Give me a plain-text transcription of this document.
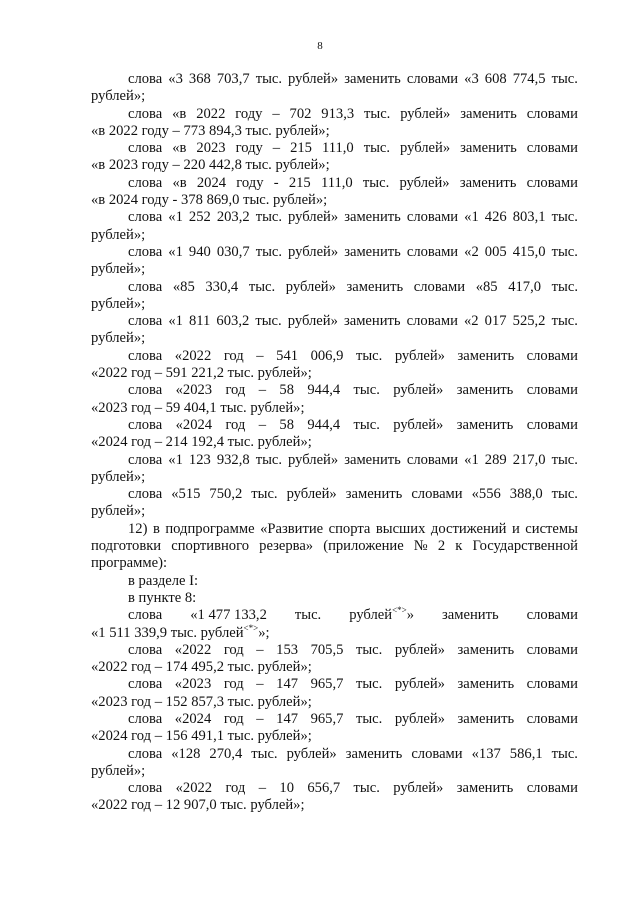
8
слова «3 368 703,7 тыс. рублей» заменить словами «3 608 774,5 тыс.
рублей»;
слова «в 2022 году – 702 913,3 тыс. рублей» заменить словами
«в 2022 году – 773 894,3 тыс. рублей»;
слова «в 2023 году – 215 111,0 тыс. рублей» заменить словами
«в 2023 году – 220 442,8 тыс. рублей»;
слова «в 2024 году - 215 111,0 тыс. рублей» заменить словами
«в 2024 году - 378 869,0 тыс. рублей»;
слова «1 252 203,2 тыс. рублей» заменить словами «1 426 803,1 тыс.
рублей»;
слова «1 940 030,7 тыс. рублей» заменить словами «2 005 415,0 тыс.
рублей»;
слова «85 330,4 тыс. рублей» заменить словами «85 417,0 тыс.
рублей»;
слова «1 811 603,2 тыс. рублей» заменить словами «2 017 525,2 тыс.
рублей»;
слова «2022 год – 541 006,9 тыс. рублей» заменить словами
«2022 год – 591 221,2 тыс. рублей»;
слова «2023 год – 58 944,4 тыс. рублей» заменить словами
«2023 год – 59 404,1 тыс. рублей»;
слова «2024 год – 58 944,4 тыс. рублей» заменить словами
«2024 год – 214 192,4 тыс. рублей»;
слова «1 123 932,8 тыс. рублей» заменить словами «1 289 217,0 тыс.
рублей»;
слова «515 750,2 тыс. рублей» заменить словами «556 388,0 тыс.
рублей»;
12) в подпрограмме «Развитие спорта высших достижений и системы
подготовки спортивного резерва» (приложение № 2 к Государственной
программе):
в разделе I:
в пункте 8:
слова «1 477 133,2 тыс. рублей<*>» заменить словами
«1 511 339,9 тыс. рублей<*>»;
слова «2022 год – 153 705,5 тыс. рублей» заменить словами
«2022 год – 174 495,2 тыс. рублей»;
слова «2023 год – 147 965,7 тыс. рублей» заменить словами
«2023 год – 152 857,3 тыс. рублей»;
слова «2024 год – 147 965,7 тыс. рублей» заменить словами
«2024 год – 156 491,1 тыс. рублей»;
слова «128 270,4 тыс. рублей» заменить словами «137 586,1 тыс.
рублей»;
слова «2022 год – 10 656,7 тыс. рублей» заменить словами
«2022 год – 12 907,0 тыс. рублей»;
